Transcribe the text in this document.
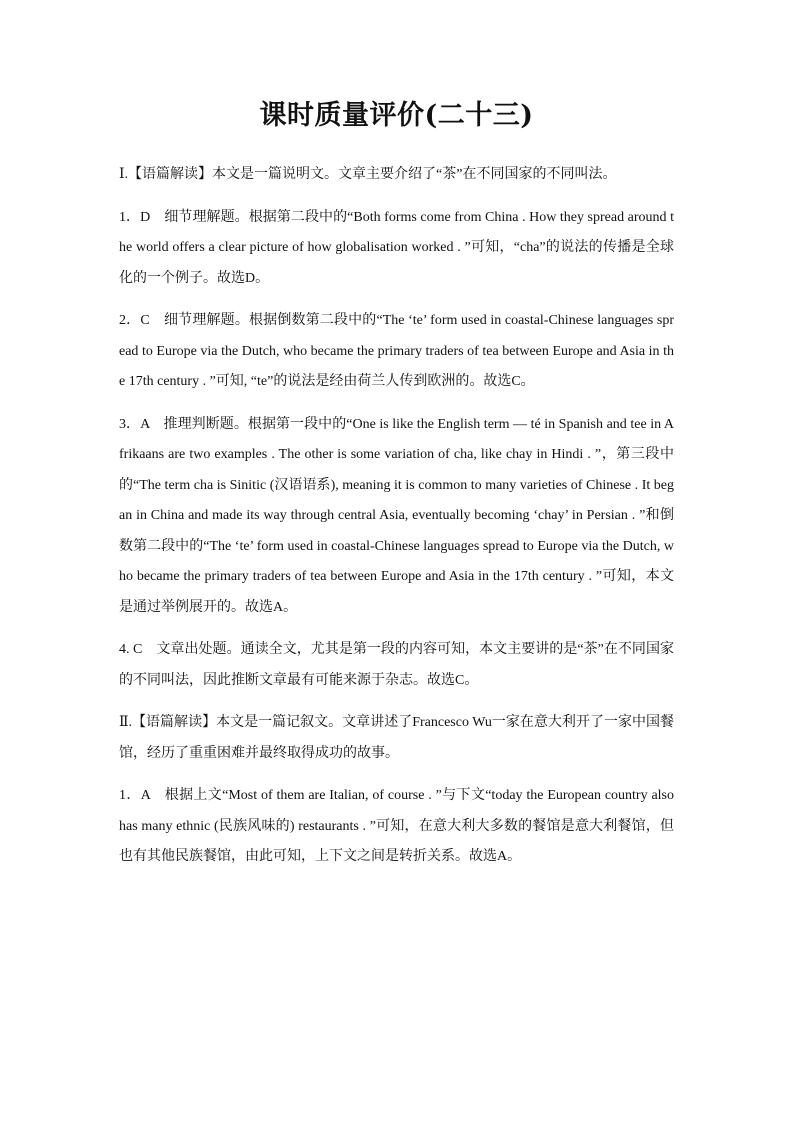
课时质量评价(二十三)

Ⅰ.【语篇解读】本文是一篇说明文。文章主要介绍了“茶”在不同国家的不同叫法。

1．D　细节理解题。根据第二段中的“Both forms come from China . How they spread around the world offers a clear picture of how globalisation worked . ”可知，“cha”的说法的传播是全球化的一个例子。故选D。

2．C　细节理解题。根据倒数第二段中的“The ‘te’ form used in coastal-Chinese languages spread to Europe via the Dutch, who became the primary traders of tea between Europe and Asia in the 17th century . ”可知, “te”的说法是经由荷兰人传到欧洲的。故选C。

3．A　推理判断题。根据第一段中的“One is like the English term — té in Spanish and tee in Afrikaans are two examples . The other is some variation of cha, like chay in Hindi . ”，第三段中的“The term cha is Sinitic (汉语语系), meaning it is common to many varieties of Chinese . It began in China and made its way through central Asia, eventually becoming ‘chay’ in Persian . ”和倒数第二段中的“The ‘te’ form used in coastal-Chinese languages spread to Europe via the Dutch, who became the primary traders of tea between Europe and Asia in the 17th century . ”可知，本文是通过举例展开的。故选A。

4. C　文章出处题。通读全文，尤其是第一段的内容可知，本文主要讲的是“茶”在不同国家的不同叫法，因此推断文章最有可能来源于杂志。故选C。

Ⅱ.【语篇解读】本文是一篇记叙文。文章讲述了Francesco Wu一家在意大利开了一家中国餐馆，经历了重重困难并最终取得成功的故事。

1．A　根据上文“Most of them are Italian, of course . ”与下文“today the European country also has many ethnic (民族风味的) restaurants . ”可知，在意大利大多数的餐馆是意大利餐馆，但也有其他民族餐馆，由此可知，上下文之间是转折关系。故选A。
